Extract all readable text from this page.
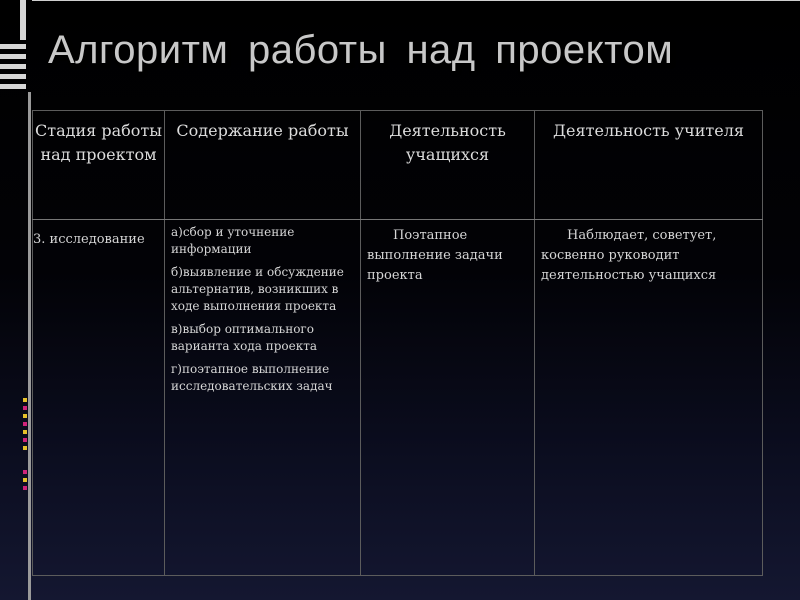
Алгоритм работы над проектом
Стадия работы над проектом	Содержание работы	Деятельность учащихся	Деятельность учителя
3. исследование	а)сбор и уточнение информации

б)выявление и обсуждение альтернатив, возникших в ходе выполнения проекта

в)выбор оптимального варианта хода проекта

г)поэтапное выполнение исследовательских задач	Поэтапное выполнение задачи проекта	Наблюдает, советует, косвенно руководит деятельностью учащихся
